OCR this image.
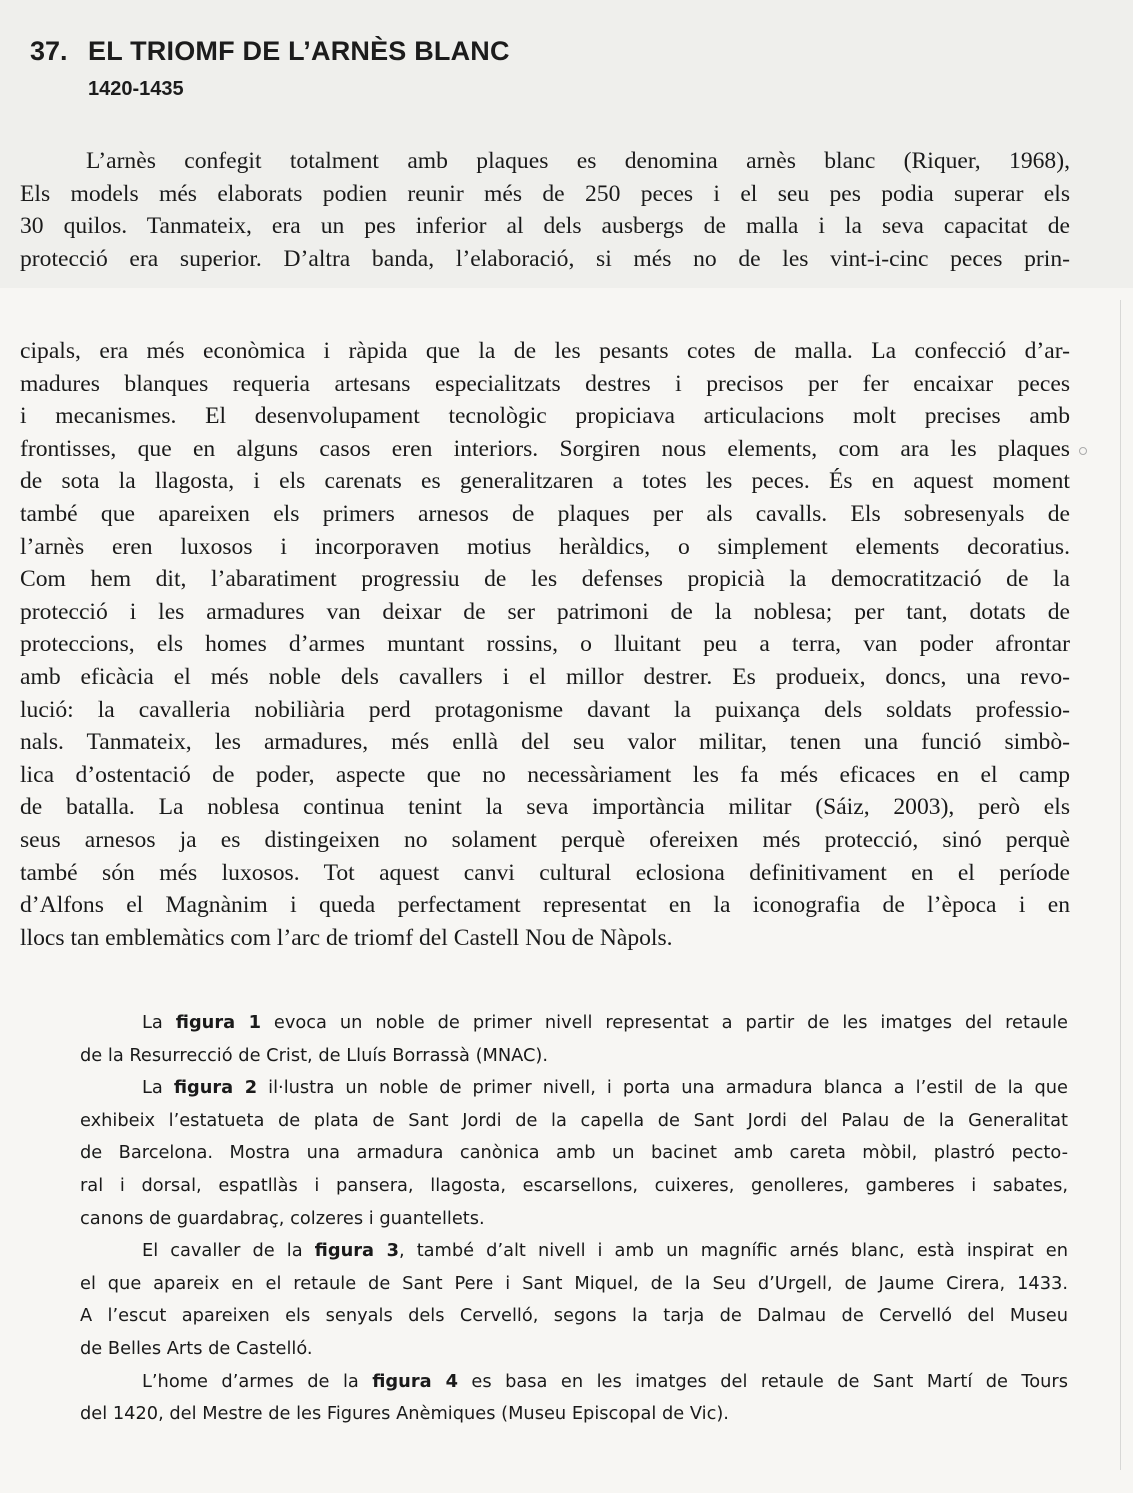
37. EL TRIOMF DE L’ARNÈS BLANC
1420-1435
L’arnès confegit totalment amb plaques es denomina arnès blanc (Riquer, 1968),
Els models més elaborats podien reunir més de 250 peces i el seu pes podia superar els
30 quilos. Tanmateix, era un pes inferior al dels ausbergs de malla i la seva capacitat de
protecció era superior. D’altra banda, l’elaboració, si més no de les vint-i-cinc peces prin-
cipals, era més econòmica i ràpida que la de les pesants cotes de malla. La confecció d’ar-
madures blanques requeria artesans especialitzats destres i precisos per fer encaixar peces
i mecanismes. El desenvolupament tecnològic propiciava articulacions molt precises amb
frontisses, que en alguns casos eren interiors. Sorgiren nous elements, com ara les plaques
de sota la llagosta, i els carenats es generalitzaren a totes les peces. És en aquest moment
també que apareixen els primers arnesos de plaques per als cavalls. Els sobresenyals de
l’arnès eren luxosos i incorporaven motius heràldics, o simplement elements decoratius.
Com hem dit, l’abaratiment progressiu de les defenses propicià la democratització de la
protecció i les armadures van deixar de ser patrimoni de la noblesa; per tant, dotats de
proteccions, els homes d’armes muntant rossins, o lluitant peu a terra, van poder afrontar
amb eficàcia el més noble dels cavallers i el millor destrer. Es produeix, doncs, una revo-
lució: la cavalleria nobiliària perd protagonisme davant la puixança dels soldats professio-
nals. Tanmateix, les armadures, més enllà del seu valor militar, tenen una funció simbò-
lica d’ostentació de poder, aspecte que no necessàriament les fa més eficaces en el camp
de batalla. La noblesa continua tenint la seva importància militar (Sáiz, 2003), però els
seus arnesos ja es distingeixen no solament perquè ofereixen més protecció, sinó perquè
també són més luxosos. Tot aquest canvi cultural eclosiona definitivament en el període
d’Alfons el Magnànim i queda perfectament representat en la iconografia de l’època i en
llocs tan emblemàtics com l’arc de triomf del Castell Nou de Nàpols.
La figura 1 evoca un noble de primer nivell representat a partir de les imatges del retaule
de la Resurrecció de Crist, de Lluís Borrassà (MNAC).
La figura 2 il·lustra un noble de primer nivell, i porta una armadura blanca a l’estil de la que
exhibeix l’estatueta de plata de Sant Jordi de la capella de Sant Jordi del Palau de la Generalitat
de Barcelona. Mostra una armadura canònica amb un bacinet amb careta mòbil, plastró pecto-
ral i dorsal, espatllàs i pansera, llagosta, escarsellons, cuixeres, genolleres, gamberes i sabates,
canons de guardabraç, colzeres i guantellets.
El cavaller de la figura 3, també d’alt nivell i amb un magnífic arnés blanc, està inspirat en
el que apareix en el retaule de Sant Pere i Sant Miquel, de la Seu d’Urgell, de Jaume Cirera, 1433.
A l’escut apareixen els senyals dels Cervelló, segons la tarja de Dalmau de Cervelló del Museu
de Belles Arts de Castelló.
L’home d’armes de la figura 4 es basa en les imatges del retaule de Sant Martí de Tours
del 1420, del Mestre de les Figures Anèmiques (Museu Episcopal de Vic).
